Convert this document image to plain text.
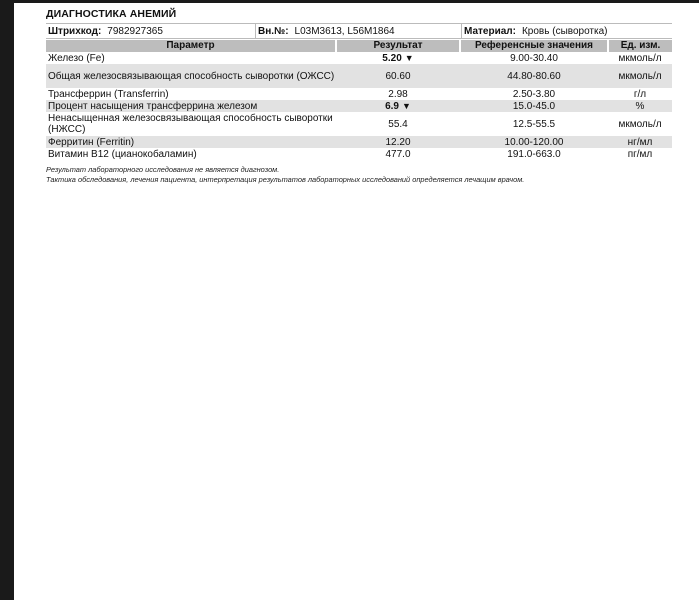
ДИАГНОСТИКА АНЕМИЙ
Штрихкод: 7982927365	Вн.№: L03M3613, L56M1864	Материал: Кровь (сыворотка)
Параметр	Результат	Референсные значения	Ед. изм.
Железо (Fe)	5.20 ▼	9.00-30.40	мкмоль/л
Общая железосвязывающая способность сыворотки (ОЖСС)	60.60	44.80-80.60	мкмоль/л
Трансферрин (Transferrin)	2.98	2.50-3.80	г/л
Процент насыщения трансферрина железом	6.9 ▼	15.0-45.0	%
Ненасыщенная железосвязывающая способность сыворотки (НЖСС)	55.4	12.5-55.5	мкмоль/л
Ферритин (Ferritin)	12.20	10.00-120.00	нг/мл
Витамин В12 (цианокобаламин)	477.0	191.0-663.0	пг/мл
Результат лабораторного исследования не является диагнозом.
Тактика обследования, лечения пациента, интерпретация результатов лабораторных исследований определяется лечащим врачом.
